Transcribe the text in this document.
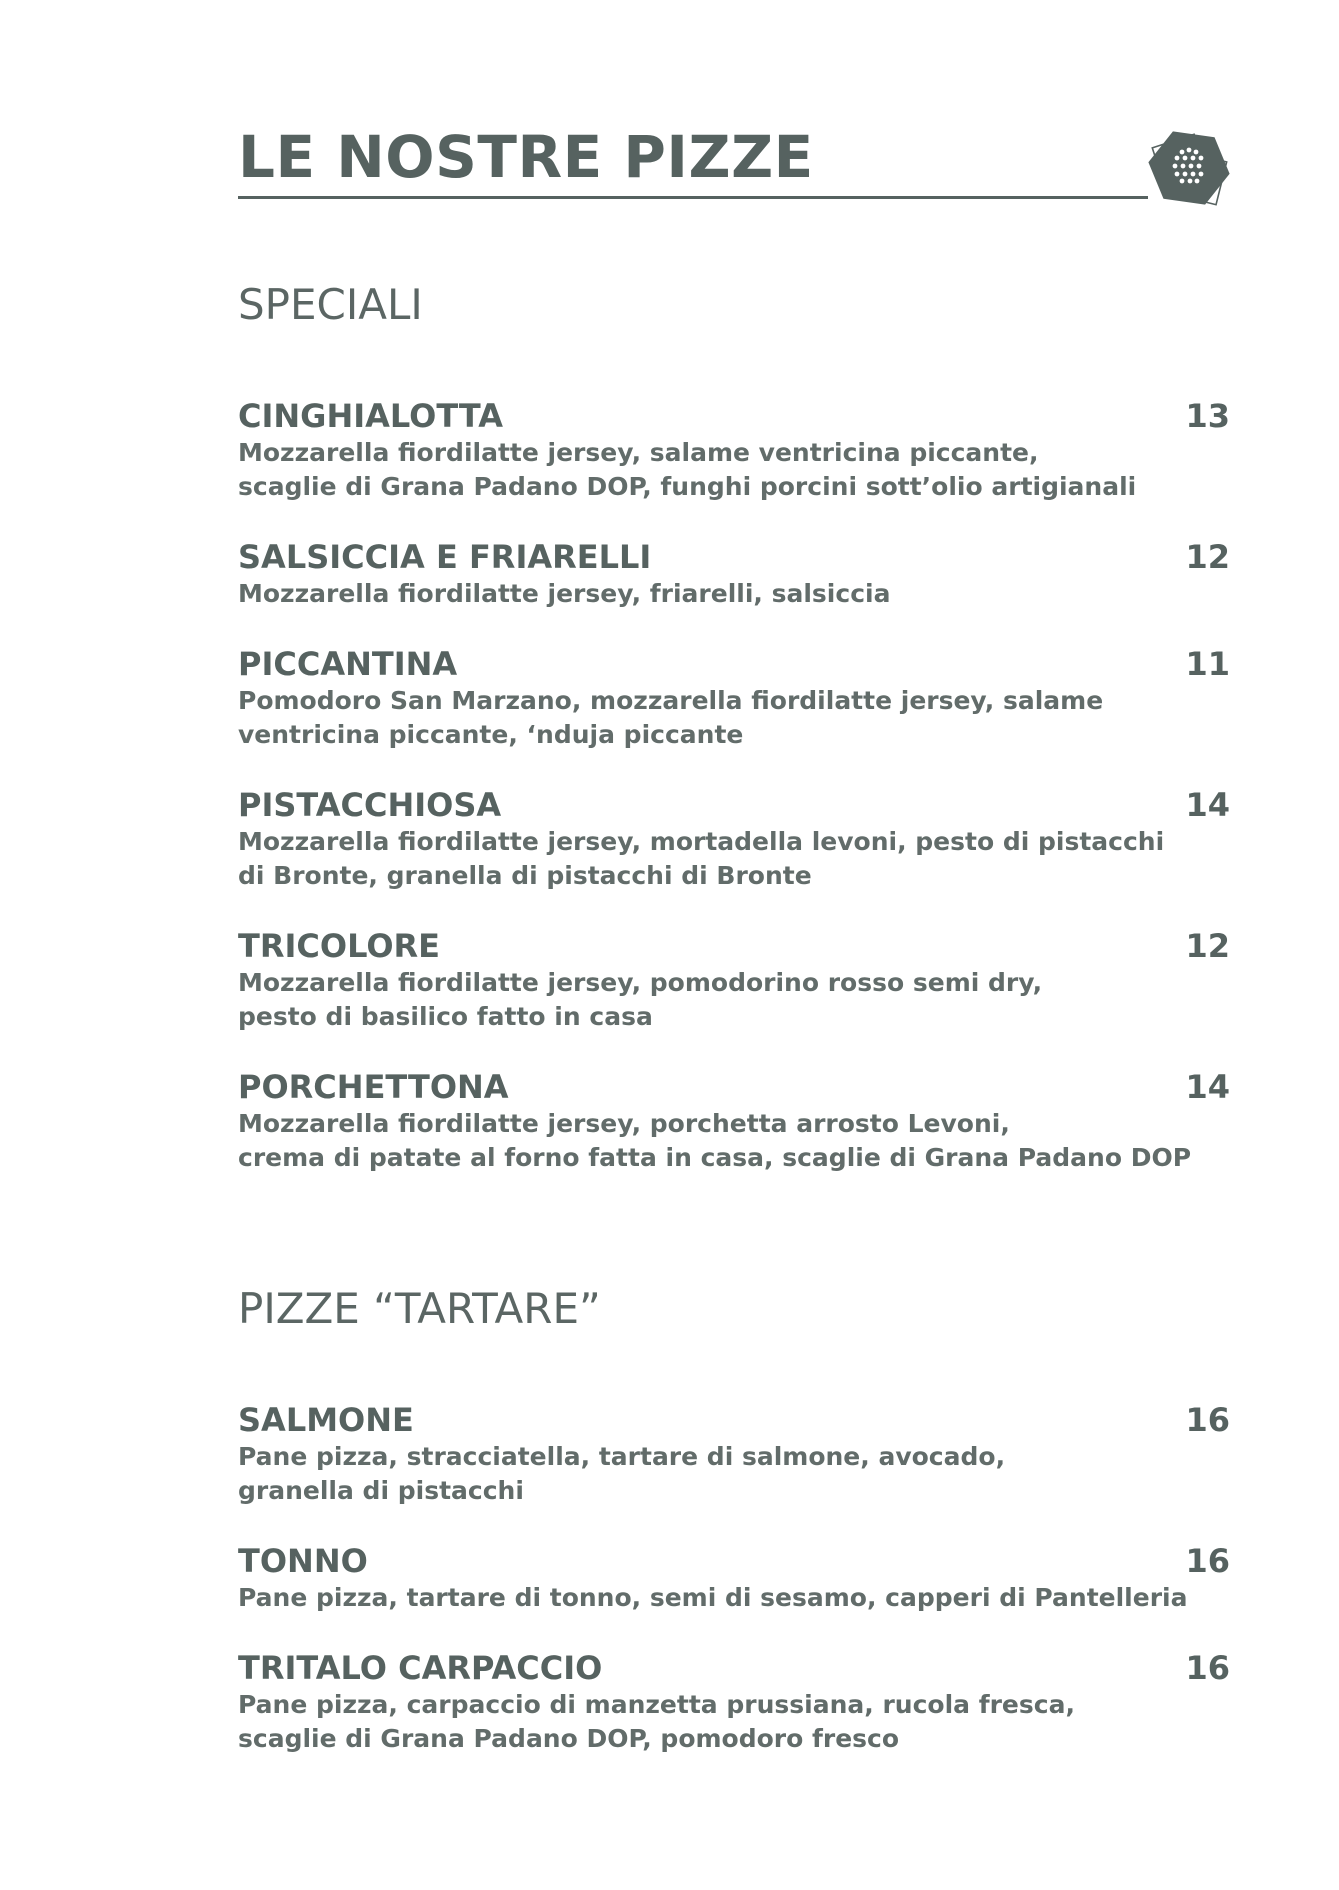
LE NOSTRE PIZZE
SPECIALI
CINGHIALOTTA	13
Mozzarella fiordilatte jersey, salame ventricina piccante,
scaglie di Grana Padano DOP, funghi porcini sott’olio artigianali
SALSICCIA E FRIARELLI	12
Mozzarella fiordilatte jersey, friarelli, salsiccia
PICCANTINA	11
Pomodoro San Marzano, mozzarella fiordilatte jersey, salame
ventricina piccante, ‘nduja piccante
PISTACCHIOSA	14
Mozzarella fiordilatte jersey, mortadella levoni, pesto di pistacchi
di Bronte, granella di pistacchi di Bronte
TRICOLORE	12
Mozzarella fiordilatte jersey, pomodorino rosso semi dry,
pesto di basilico fatto in casa
PORCHETTONA	14
Mozzarella fiordilatte jersey, porchetta arrosto Levoni,
crema di patate al forno fatta in casa, scaglie di Grana Padano DOP
PIZZE “TARTARE”
SALMONE	16
Pane pizza, stracciatella, tartare di salmone, avocado,
granella di pistacchi
TONNO	16
Pane pizza, tartare di tonno, semi di sesamo, capperi di Pantelleria
TRITALO CARPACCIO	16
Pane pizza, carpaccio di manzetta prussiana, rucola fresca,
scaglie di Grana Padano DOP, pomodoro fresco
